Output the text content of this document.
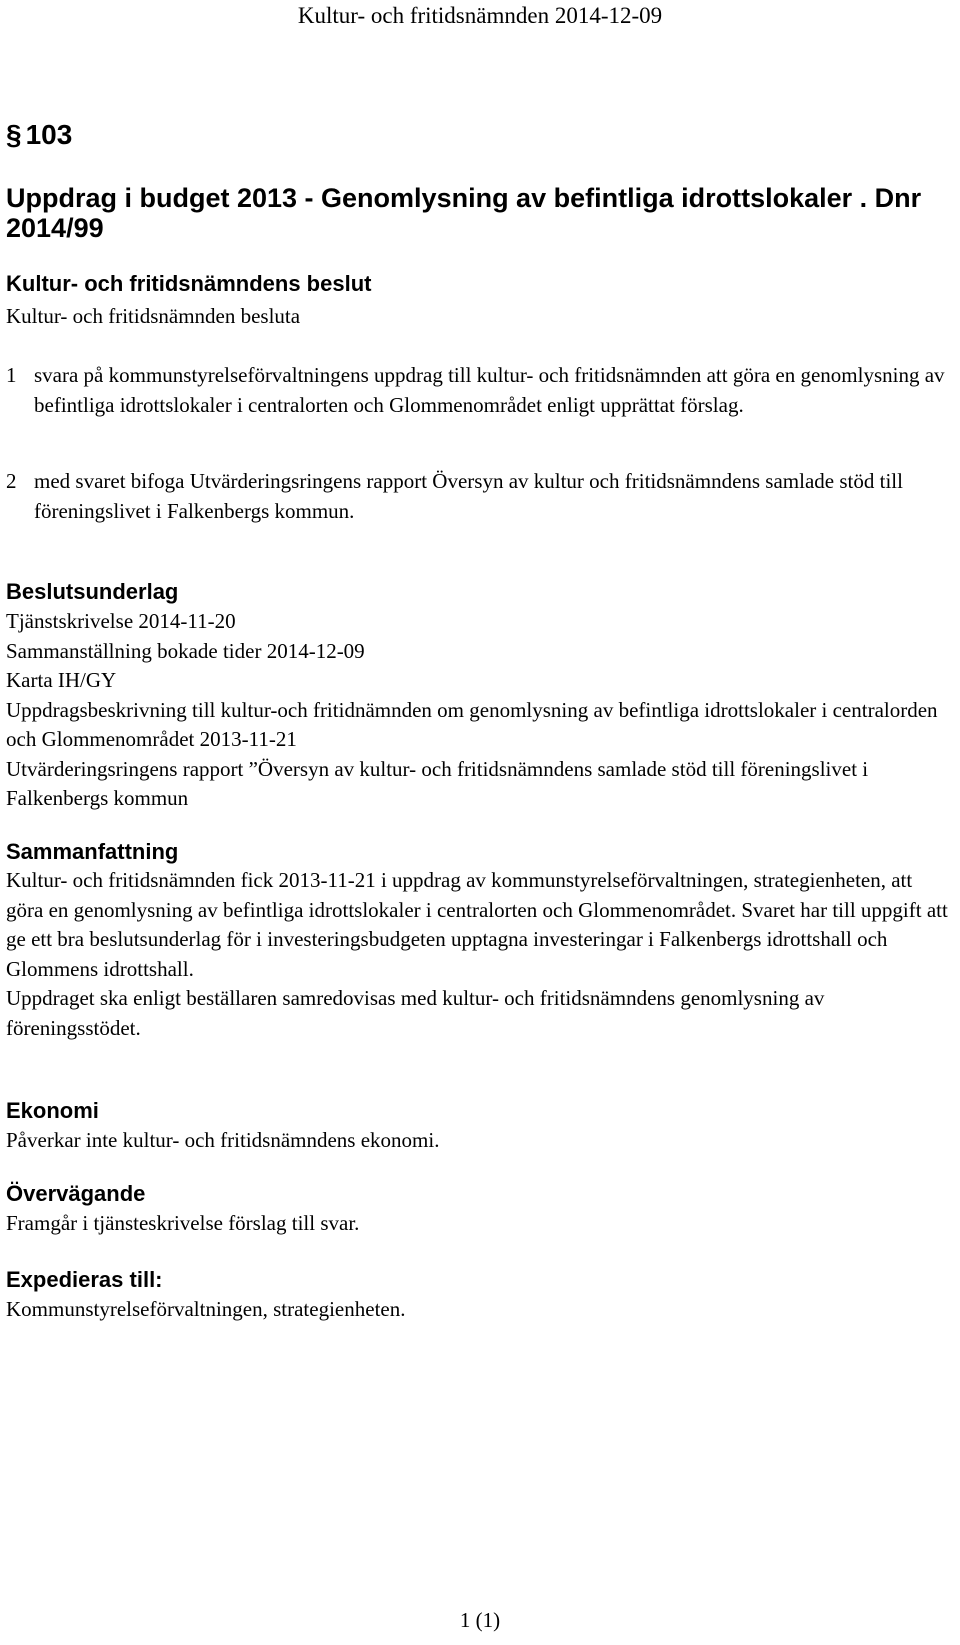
Kultur- och fritidsnämnden 2014-12-09
§ 103
Uppdrag i budget 2013 - Genomlysning av befintliga idrottslokaler . Dnr 2014/99
Kultur- och fritidsnämndens beslut
Kultur- och fritidsnämnden besluta
1 svara på kommunstyrelseförvaltningens uppdrag till kultur- och fritidsnämnden att göra en genomlysning av befintliga idrottslokaler i centralorten och Glommenområdet enligt upprättat förslag.
2 med svaret bifoga Utvärderingsringens rapport Översyn av kultur och fritidsnämndens samlade stöd till föreningslivet i Falkenbergs kommun.
Beslutsunderlag
Tjänstskrivelse 2014-11-20
Sammanställning bokade tider 2014-12-09
Karta IH/GY
Uppdragsbeskrivning till kultur-och fritidnämnden om genomlysning av befintliga idrottslokaler i centralorden och Glommenområdet 2013-11-21
Utvärderingsringens rapport ”Översyn av kultur- och fritidsnämndens samlade stöd till föreningslivet i Falkenbergs kommun
Sammanfattning

Kultur- och fritidsnämnden fick 2013-11-21 i uppdrag av kommunstyrelseförvaltningen, strategienheten, att göra en genomlysning av befintliga idrottslokaler i centralorten och Glommenområdet. Svaret har till uppgift att ge ett bra beslutsunderlag för i investeringsbudgeten upptagna investeringar i Falkenbergs idrottshall och Glommens idrottshall.

Uppdraget ska enligt beställaren samredovisas med kultur- och fritidsnämndens genomlysning av föreningsstödet.

Ekonomi
Påverkar inte kultur- och fritidsnämndens ekonomi.
Övervägande
Framgår i tjänsteskrivelse förslag till svar.
Expedieras till:
Kommunstyrelseförvaltningen, strategienheten.
1 (1)
